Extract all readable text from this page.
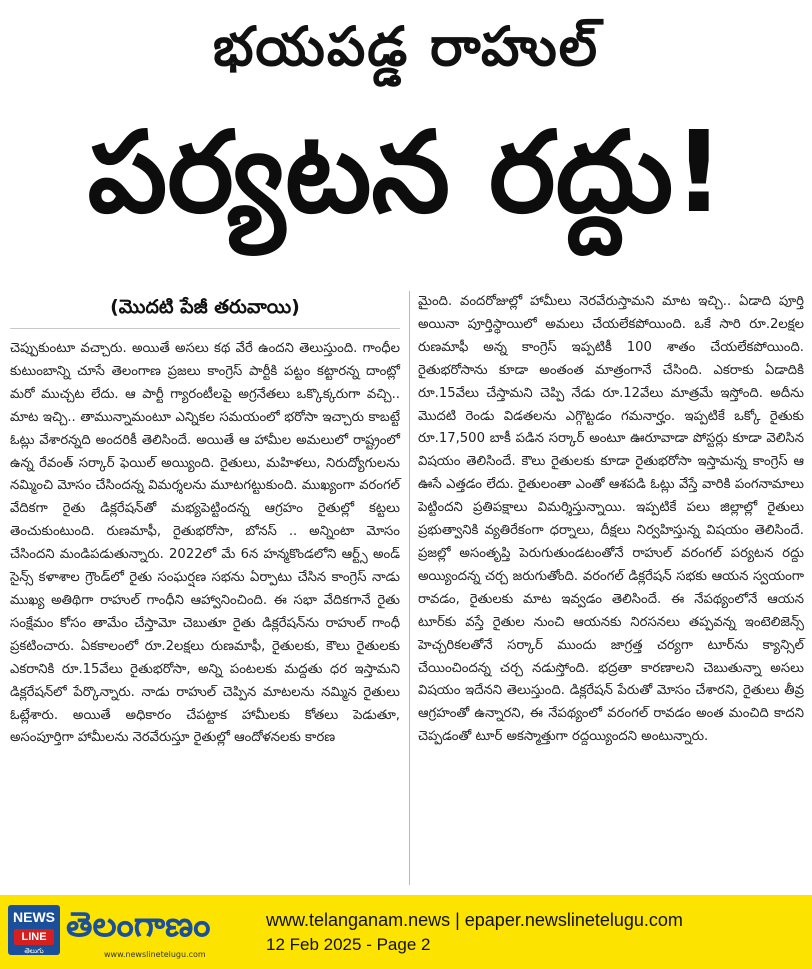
భయపడ్డ రాహుల్
పర్యటన రద్దు!
(మొదటి పేజీ తరువాయి)

చెప్పుకుంటూ వచ్చారు. అయితే అసలు కథ వేరే ఉందని తెలుస్తుంది. గాంధీల కుటుంబాన్ని చూసే తెలంగాణ ప్రజలు కాంగ్రెస్ పార్టీకి పట్టం కట్టారన్న దాంట్లో మరో ముచ్చట లేదు. ఆ పార్టీ గ్యారంటీలపై అగ్రనేతలు ఒక్కొక్కరుగా వచ్చి.. మాట ఇచ్చి.. తామున్నామంటూ ఎన్నికల సమయంలో భరోసా ఇచ్చారు కాబట్టే ఓట్లు వేశారన్నది అందరికీ తెలిసిందే. అయితే ఆ హామీల అమలులో రాష్ట్రంలో ఉన్న రేవంత్ సర్కార్ ఫెయిల్ అయ్యింది. రైతులు, మహిళలు, నిరుద్యోగులను నమ్మించి మోసం చేసిందన్న విమర్శలను మూటగట్టుకుంది. ముఖ్యంగా వరంగల్ వేదికగా రైతు డిక్లరేషన్‌తో మభ్యపెట్టిందన్న ఆగ్రహం రైతుల్లో కట్టలు తెంచుకుంటుంది. రుణమాఫీ, రైతుభరోసా, బోనస్ .. అన్నింటా మోసం చేసిందని మండిపడుతున్నారు. 2022లో మే 6న హన్మకొండలోని ఆర్ట్స్ అండ్ సైన్స్ కళాశాల గ్రౌండ్‌లో రైతు సంఘర్షణ సభను ఏర్పాటు చేసిన కాంగ్రెస్ నాడు ముఖ్య అతిథిగా రాహుల్ గాంధీని ఆహ్వానించింది. ఈ సభా వేదికగానే రైతు సంక్షేమం కోసం తామేం చేస్తామో చెబుతూ రైతు డిక్లరేషన్‌ను రాహుల్ గాంధీ ప్రకటించారు. ఏకకాలంలో రూ.2లక్షలు రుణమాఫీ, రైతులకు, కౌలు రైతులకు ఎకరానికి రూ.15వేలు రైతుభరోసా, అన్ని పంటలకు మద్దతు ధర ఇస్తామని డిక్లరేషన్‌లో పేర్కొన్నారు. నాడు రాహుల్ చెప్పిన మాటలను నమ్మిన రైతులు ఓట్లేశారు. అయితే అధికారం చేపట్టాక హామీలకు కోతలు పెడుతూ, అసంపూర్తిగా హామీలను నెరవేరుస్తూ రైతుల్లో ఆందోళనలకు కారణ

మైంది. వందరోజుల్లో హామీలు నెరవేరుస్తామని మాట ఇచ్చి.. ఏడాది పూర్తి అయినా పూర్తిస్థాయిలో అమలు చేయలేకపోయింది. ఒకే సారి రూ.2లక్షల రుణమాఫీ అన్న కాంగ్రెస్ ఇప్పటికీ 100 శాతం చేయలేకపోయింది. రైతుభరోసాను కూడా అంతంత మాత్రంగానే చేసింది. ఎకరాకు ఏడాదికి రూ.15వేలు చేస్తామని చెప్పి నేడు రూ.12వేలు మాత్రమే ఇస్తోంది. అదీను మొదటి రెండు విడతలను ఎగ్గొట్టడం గమనార్హం. ఇప్పటికే ఒక్కో రైతుకు రూ.17,500 బాకీ పడిన సర్కార్ అంటూ ఊరూవాడా పోస్టర్లు కూడా వెలిసిన విషయం తెలిసిందే. కౌలు రైతులకు కూడా రైతుభరోసా ఇస్తామన్న కాంగ్రెస్ ఆ ఊసే ఎత్తడం లేదు. రైతులంతా ఎంతో ఆశపడి ఓట్లు వేస్తే వారికి పంగనామాలు పెట్టిందని ప్రతిపక్షాలు విమర్శిస్తున్నాయి. ఇప్పటికే పలు జిల్లాల్లో రైతులు ప్రభుత్వానికి వ్యతిరేకంగా ధర్నాలు, దీక్షలు నిర్వహిస్తున్న విషయం తెలిసిందే. ప్రజల్లో అసంతృప్తి పెరుగుతుండటంతోనే రాహుల్ వరంగల్ పర్యటన రద్దు అయ్యిందన్న చర్చ జరుగుతోంది. వరంగల్ డిక్లరేషన్ సభకు ఆయన స్వయంగా రావడం, రైతులకు మాట ఇవ్వడం తెలిసిందే. ఈ నేపథ్యంలోనే ఆయన టూర్‌కు వస్తే రైతుల నుంచి ఆయనకు నిరసనలు తప్పవన్న ఇంటెలిజెన్స్ హెచ్చరికలతోనే సర్కార్ ముందు జాగ్రత్త చర్యగా టూర్‌ను క్యాన్సిల్ చేయించిందన్న చర్చ నడుస్తోంది. భద్రతా కారణాలని చెబుతున్నా అసలు విషయం ఇదేనని తెలుస్తుంది. డిక్లరేషన్ పేరుతో మోసం చేశారని, రైతులు తీవ్ర ఆగ్రహంతో ఉన్నారని, ఈ నేపథ్యంలో వరంగల్ రావడం అంత మంచిది కాదని చెప్పడంతో టూర్ అకస్మాత్తుగా రద్దయ్యిందని అంటున్నారు.

NEWS
LINE
తెలుగు
తెలంగాణం
www.newslinetelugu.com
www.telanganam.news | epaper.newslinetelugu.com
12 Feb 2025 - Page 2
